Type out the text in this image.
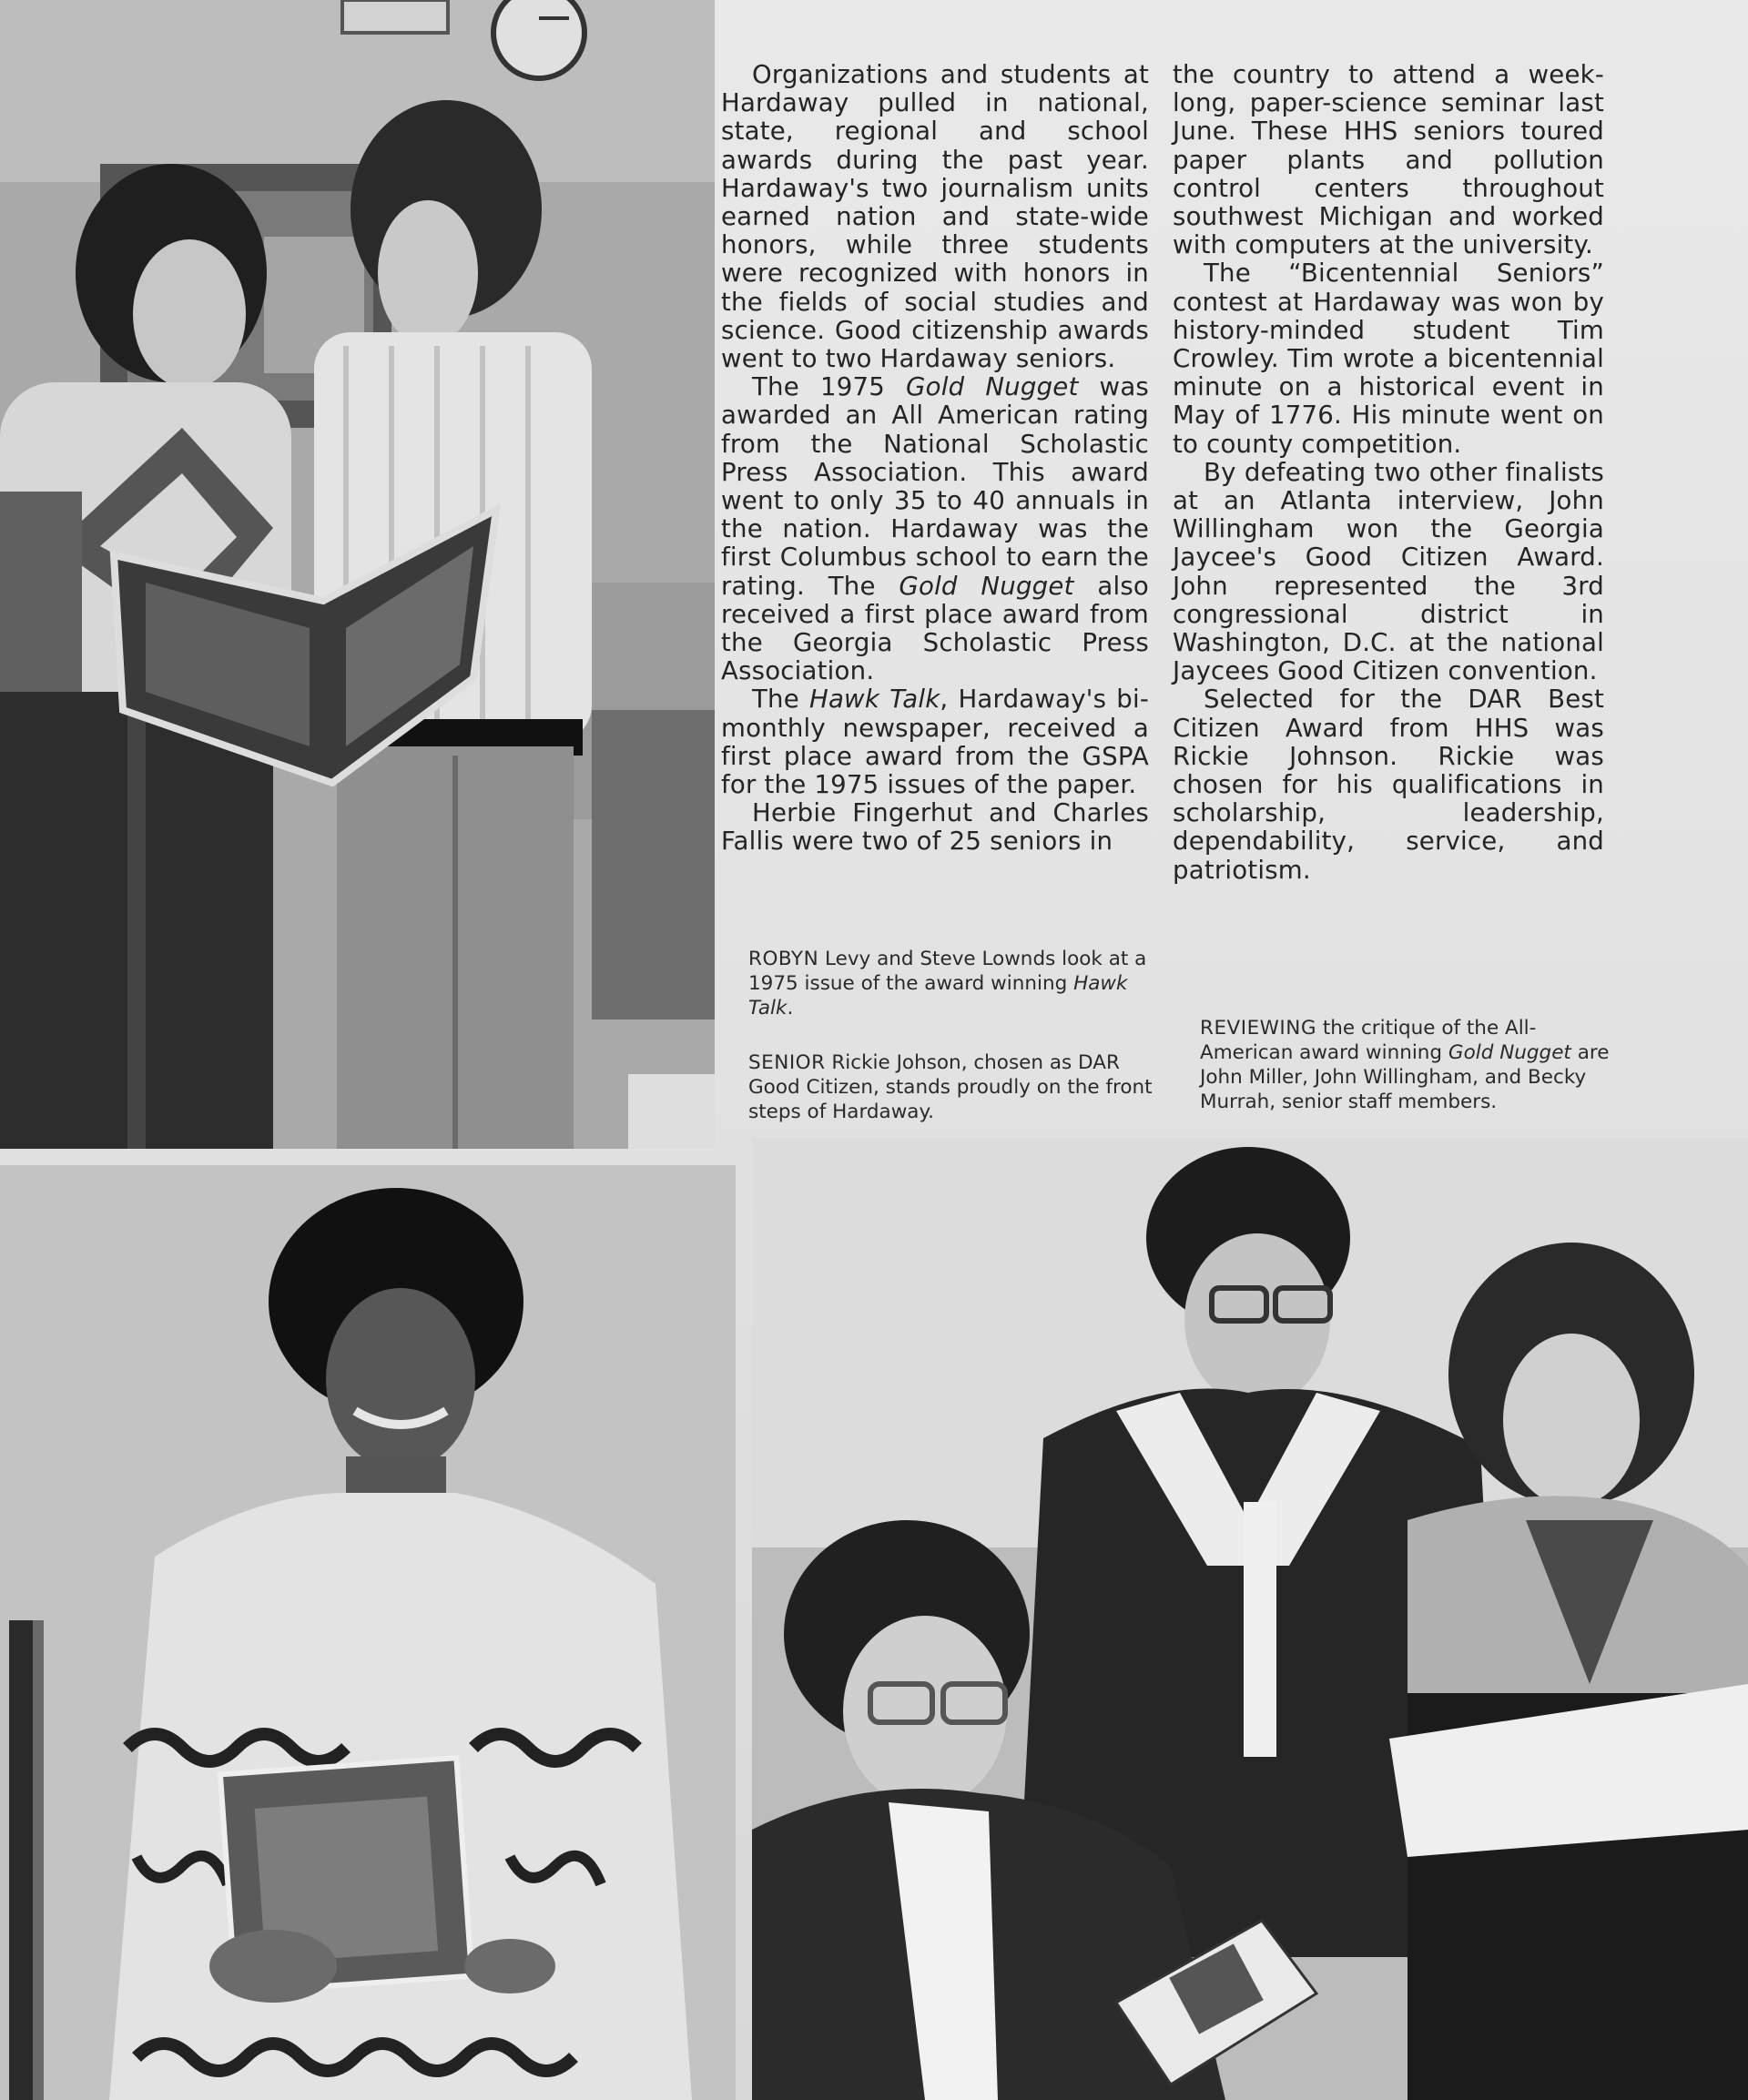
Organizations and students at Hardaway pulled in national, state, regional and school awards during the past year. Hardaway's two journalism units earned nation and state-wide honors, while three students were recognized with honors in the fields of social studies and science. Good citizenship awards went to two Hardaway seniors.

The 1975 Gold Nugget was awarded an All American rating from the National Scholastic Press Association. This award went to only 35 to 40 annuals in the nation. Hardaway was the first Columbus school to earn the rating. The Gold Nugget also received a first place award from the Georgia Scholastic Press Association.

The Hawk Talk, Hardaway's bi-monthly newspaper, received a first place award from the GSPA for the 1975 issues of the paper.

Herbie Fingerhut and Charles Fallis were two of 25 seniors in

the country to attend a week-long, paper-science seminar last June. These HHS seniors toured paper plants and pollution control centers throughout southwest Michigan and worked with computers at the university.

The “Bicentennial Seniors” contest at Hardaway was won by history-minded student Tim Crowley. Tim wrote a bicentennial minute on a historical event in May of 1776. His minute went on to county competition.

By defeating two other finalists at an Atlanta interview, John Willingham won the Georgia Jaycee's Good Citizen Award. John represented the 3rd congressional district in Washington, D.C. at the national Jaycees Good Citizen convention.

Selected for the DAR Best Citizen Award from HHS was Rickie Johnson. Rickie was chosen for his qualifications in scholarship, leadership, dependability, service, and patriotism.

ROBYN Levy and Steve Lownds look at a 1975 issue of the award winning Hawk Talk.
SENIOR Rickie Johson, chosen as DAR Good Citizen, stands proudly on the front steps of Hardaway.
REVIEWING the critique of the All-American award winning Gold Nugget are John Miller, John Willingham, and Becky Murrah, senior staff members.
